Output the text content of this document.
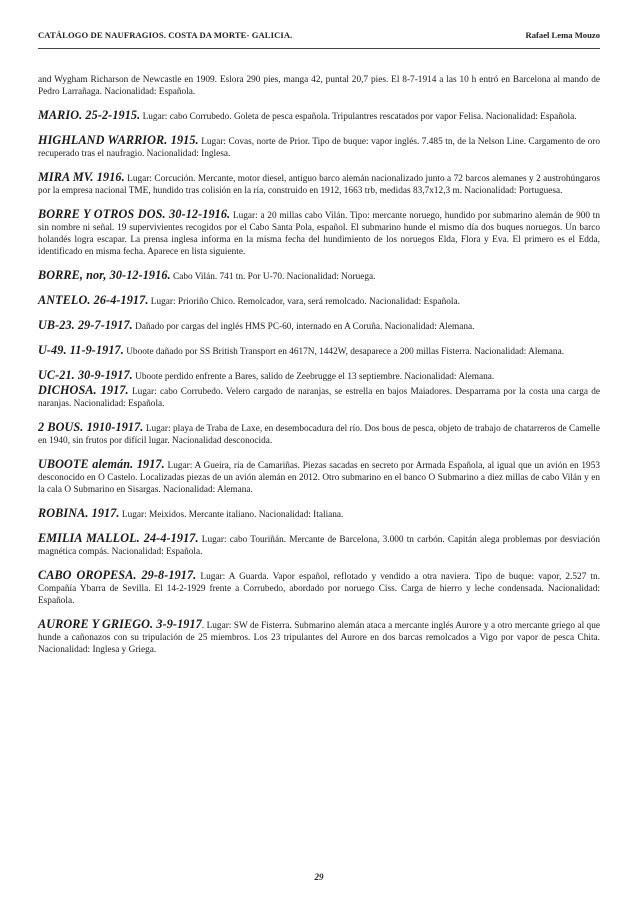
CATÁLOGO DE NAUFRAGIOS. COSTA DA MORTE- GALICIA.	Rafael Lema Mouzo

and Wygham Richarson de Newcastle en 1909. Eslora 290 pies, manga 42, puntal 20,7 pies. El 8-7-1914 a las 10 h entró en Barcelona al mando de Pedro Larrañaga. Nacionalidad: Española.

MARIO. 25-2-1915. Lugar: cabo Corrubedo. Goleta de pesca española. Tripulantres rescatados por vapor Felisa. Nacionalidad: Española.

HIGHLAND WARRIOR. 1915. Lugar: Covas, norte de Prior. Tipo de buque: vapor inglés. 7.485 tn, de la Nelson Line. Cargamento de oro recuperado tras el naufragio. Nacionalidad: Inglesa.

MIRA MV. 1916. Lugar: Corcución. Mercante, motor diesel, antiguo barco alemán nacionalizado junto a 72 barcos alemanes y 2 austrohúngaros por la empresa nacional TME, hundido tras colisión en la ría, construido en 1912, 1663 trb, medidas 83,7x12,3 m. Nacionalidad: Portuguesa.

BORRE Y OTROS DOS. 30-12-1916. Lugar: a 20 millas cabo Vilán. Tipo: mercante noruego, hundido por submarino alemán de 900 tn sin nombre ni señal. 19 supervivientes recogidos por el Cabo Santa Pola, español. El submarino hunde el mismo día dos buques noruegos. Un barco holandés logra escapar. La prensa inglesa informa en la misma fecha del hundimiento de los noruegos Elda, Flora y Eva. El primero es el Edda, identificado en misma fecha. Aparece en lista siguiente.

BORRE, nor, 30-12-1916. Cabo Vilán. 741 tn. Por U-70. Nacionalidad: Noruega.

ANTELO. 26-4-1917. Lugar: Prioriño Chico. Remolcador, vara, será remolcado. Nacionalidad: Española.

UB-23. 29-7-1917. Dañado por cargas del inglés HMS PC-60, internado en A Coruña. Nacionalidad: Alemana.

U-49. 11-9-1917. Uboote dañado por SS British Transport en 4617N, 1442W, desaparece a 200 millas Fisterra. Nacionalidad: Alemana.

UC-21. 30-9-1917. Uboote perdido enfrente a Bares, salido de Zeebrugge el 13 septiembre. Nacionalidad: Alemana.

DICHOSA. 1917. Lugar: cabo Corrubedo. Velero cargado de naranjas, se estrella en bajos Maiadores. Desparrama por la costa una carga de naranjas. Nacionalidad: Española.

2 BOUS. 1910-1917. Lugar: playa de Traba de Laxe, en desembocadura del río. Dos bous de pesca, objeto de trabajo de chatarreros de Camelle en 1940, sin frutos por difícil lugar. Nacionalidad desconocida.

UBOOTE alemán. 1917. Lugar: A Gueira, ría de Camariñas. Piezas sacadas en secreto por Armada Española, al igual que un avión en 1953 desconocido en O Castelo. Localizadas piezas de un avión alemán en 2012. Otro submarino en el banco O Submarino a diez millas de cabo Vilán y en la cala O Submarino en Sisargas. Nacionalidad: Alemana.

ROBINA. 1917. Lugar: Meixidos. Mercante italiano. Nacionalidad: Italiana.

EMILIA MALLOL. 24-4-1917. Lugar: cabo Touriñán. Mercante de Barcelona, 3.000 tn carbón. Capitán alega problemas por desviación magnética compás. Nacionalidad: Española.

CABO OROPESA. 29-8-1917. Lugar: A Guarda. Vapor español, reflotado y vendido a otra naviera. Tipo de buque: vapor, 2.527 tn. Compañía Ybarra de Sevilla. El 14-2-1929 frente a Corrubedo, abordado por noruego Ciss. Carga de hierro y leche condensada. Nacionalidad: Española.

AURORE Y GRIEGO. 3-9-1917. Lugar: SW de Fisterra. Submarino alemán ataca a mercante inglés Aurore y a otro mercante griego al que hunde a cañonazos con su tripulación de 25 miembros. Los 23 tripulantes del Aurore en dos barcas remolcados a Vigo por vapor de pesca Chita. Nacionalidad: Inglesa y Griega.

29
